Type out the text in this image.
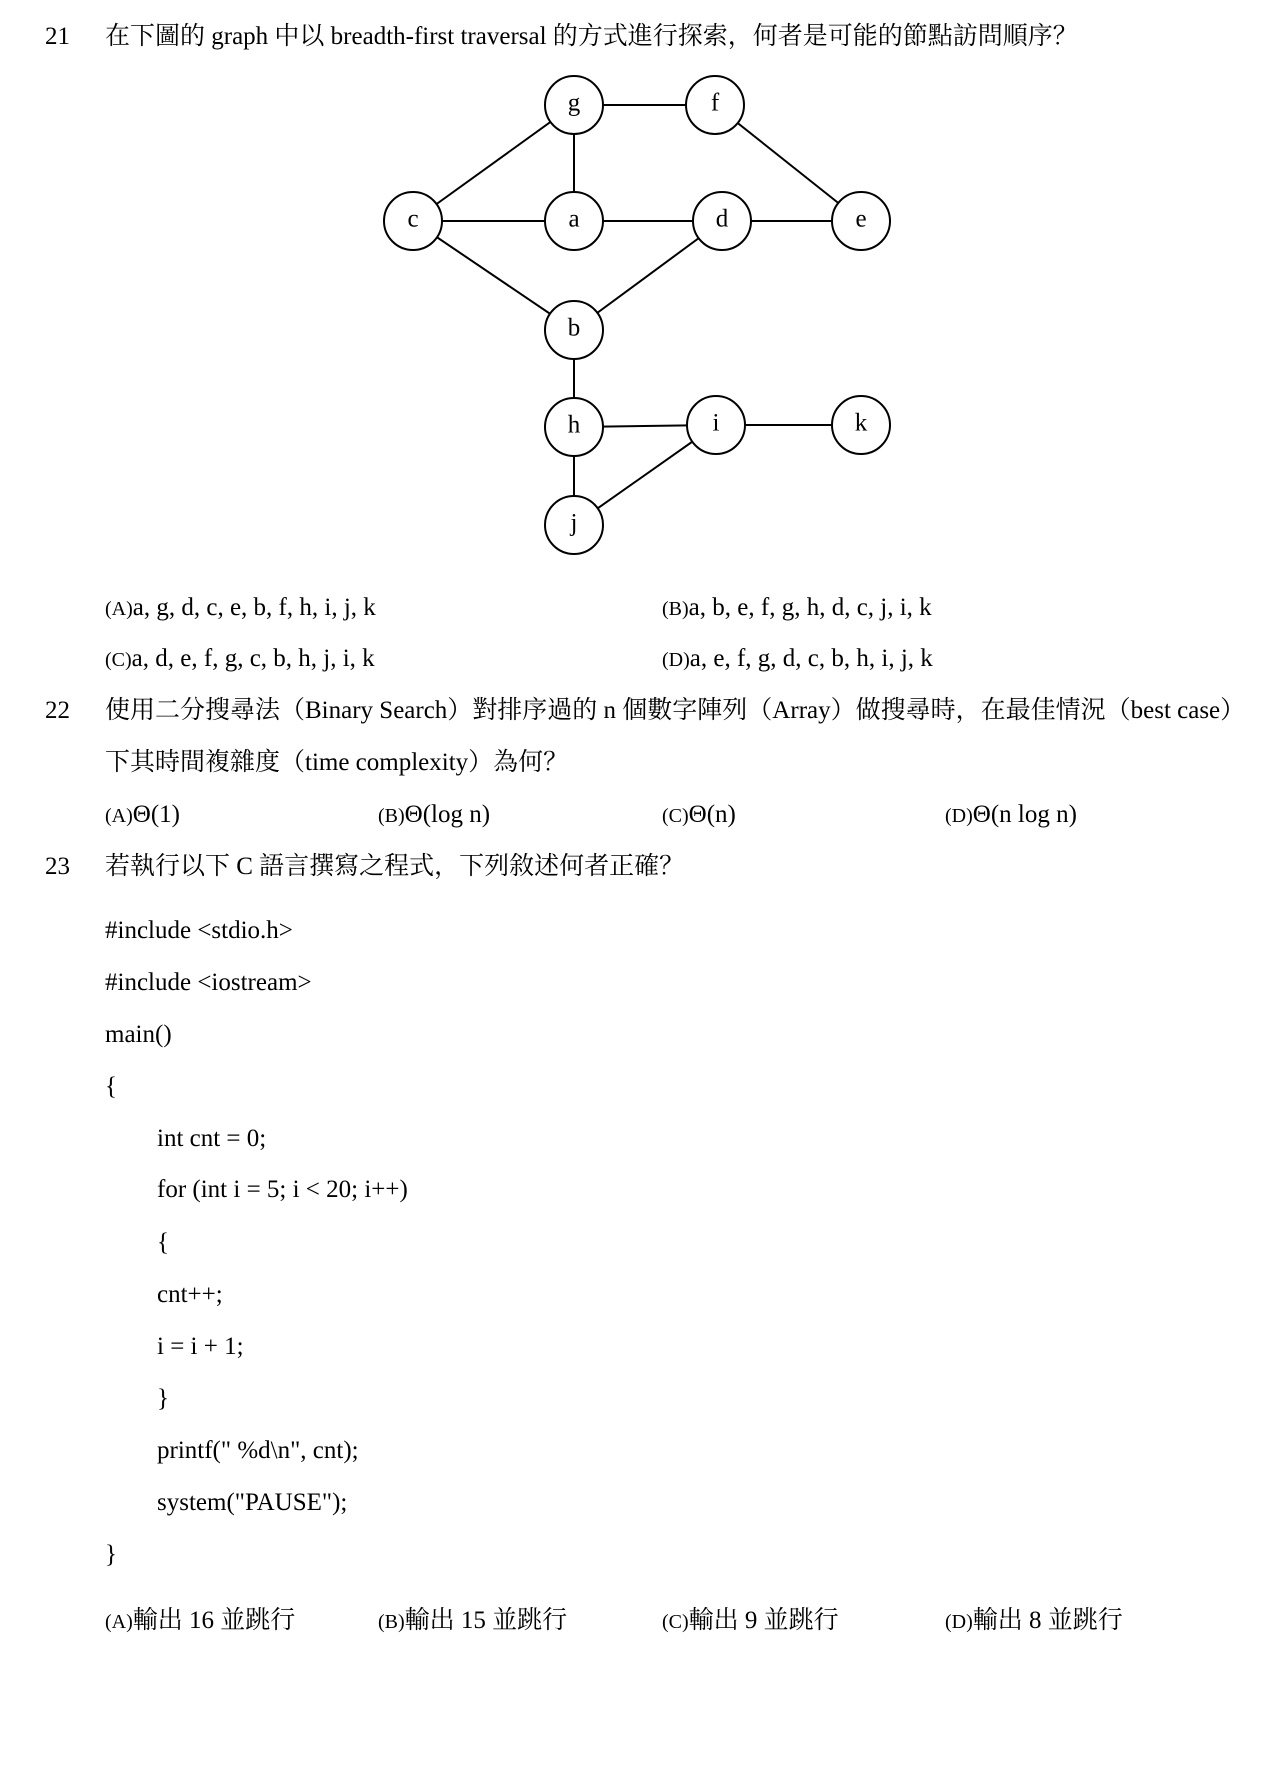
21 在下圖的 graph 中以 breadth-first traversal 的方式進行探索，何者是可能的節點訪問順序？
g	f
c	a	d	e
b
h	i	k
j
(A)a, g, d, c, e, b, f, h, i, j, k	(B)a, b, e, f, g, h, d, c, j, i, k
(C)a, d, e, f, g, c, b, h, j, i, k	(D)a, e, f, g, d, c, b, h, i, j, k
22 使用二分搜尋法（Binary Search）對排序過的 n 個數字陣列（Array）做搜尋時，在最佳情況（best case）
下其時間複雜度（time complexity）為何？
(A)Θ(1)	(B)Θ(log n)	(C)Θ(n)	(D)Θ(n log n)
23 若執行以下 C 語言撰寫之程式，下列敘述何者正確？
#include <stdio.h>
#include <iostream>
main()
{
int cnt = 0;
for (int i = 5; i < 20; i++)
{
cnt++;
i = i + 1;
}
printf(" %d\n", cnt);
system("PAUSE");
}
(A)輸出 16 並跳行	(B)輸出 15 並跳行	(C)輸出 9 並跳行	(D)輸出 8 並跳行
